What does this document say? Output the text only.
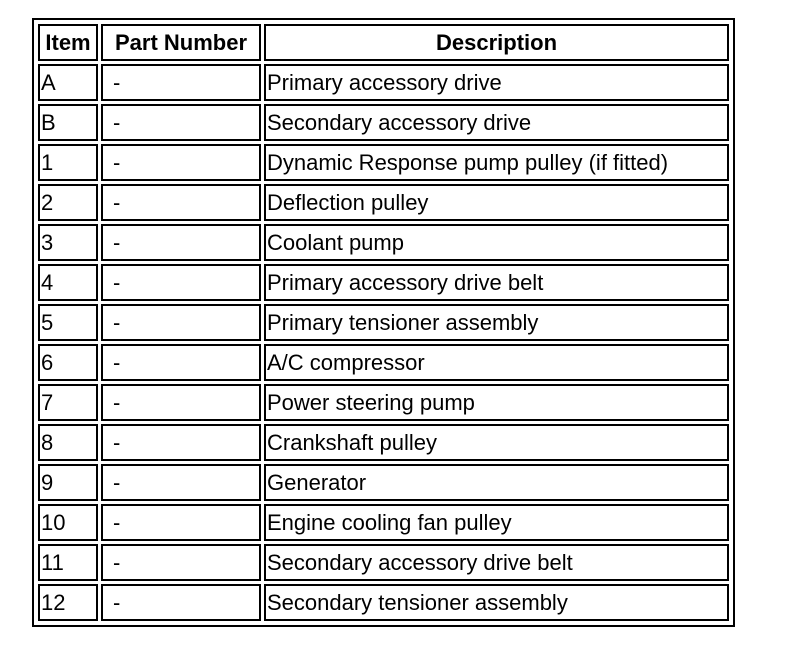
Item	Part Number	Description
A	-	Primary accessory drive
B	-	Secondary accessory drive
1	-	Dynamic Response pump pulley (if fitted)
2	-	Deflection pulley
3	-	Coolant pump
4	-	Primary accessory drive belt
5	-	Primary tensioner assembly
6	-	A/C compressor
7	-	Power steering pump
8	-	Crankshaft pulley
9	-	Generator
10	-	Engine cooling fan pulley
11	-	Secondary accessory drive belt
12	-	Secondary tensioner assembly
